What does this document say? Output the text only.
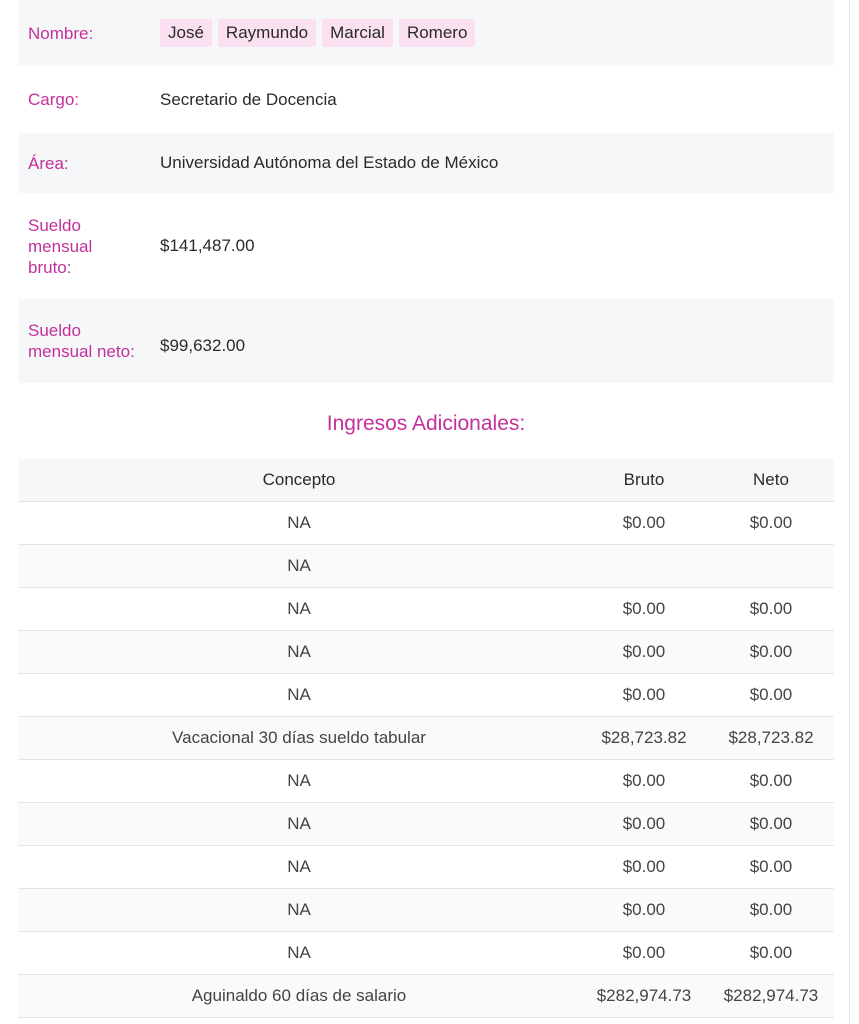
Nombre:	José	Raymundo	Marcial	Romero
Cargo:	Secretario de Docencia
Área:	Universidad Autónoma del Estado de México
Sueldo
mensual
bruto:
$141,487.00
Sueldo
mensual neto:	$99,632.00
Ingresos Adicionales:
Concepto	Bruto	Neto
NA	$0.00	$0.00
NA		
NA	$0.00	$0.00
NA	$0.00	$0.00
NA	$0.00	$0.00
Vacacional 30 días sueldo tabular	$28,723.82	$28,723.82
NA	$0.00	$0.00
NA	$0.00	$0.00
NA	$0.00	$0.00
NA	$0.00	$0.00
NA	$0.00	$0.00
Aguinaldo 60 días de salario	$282,974.73	$282,974.73
